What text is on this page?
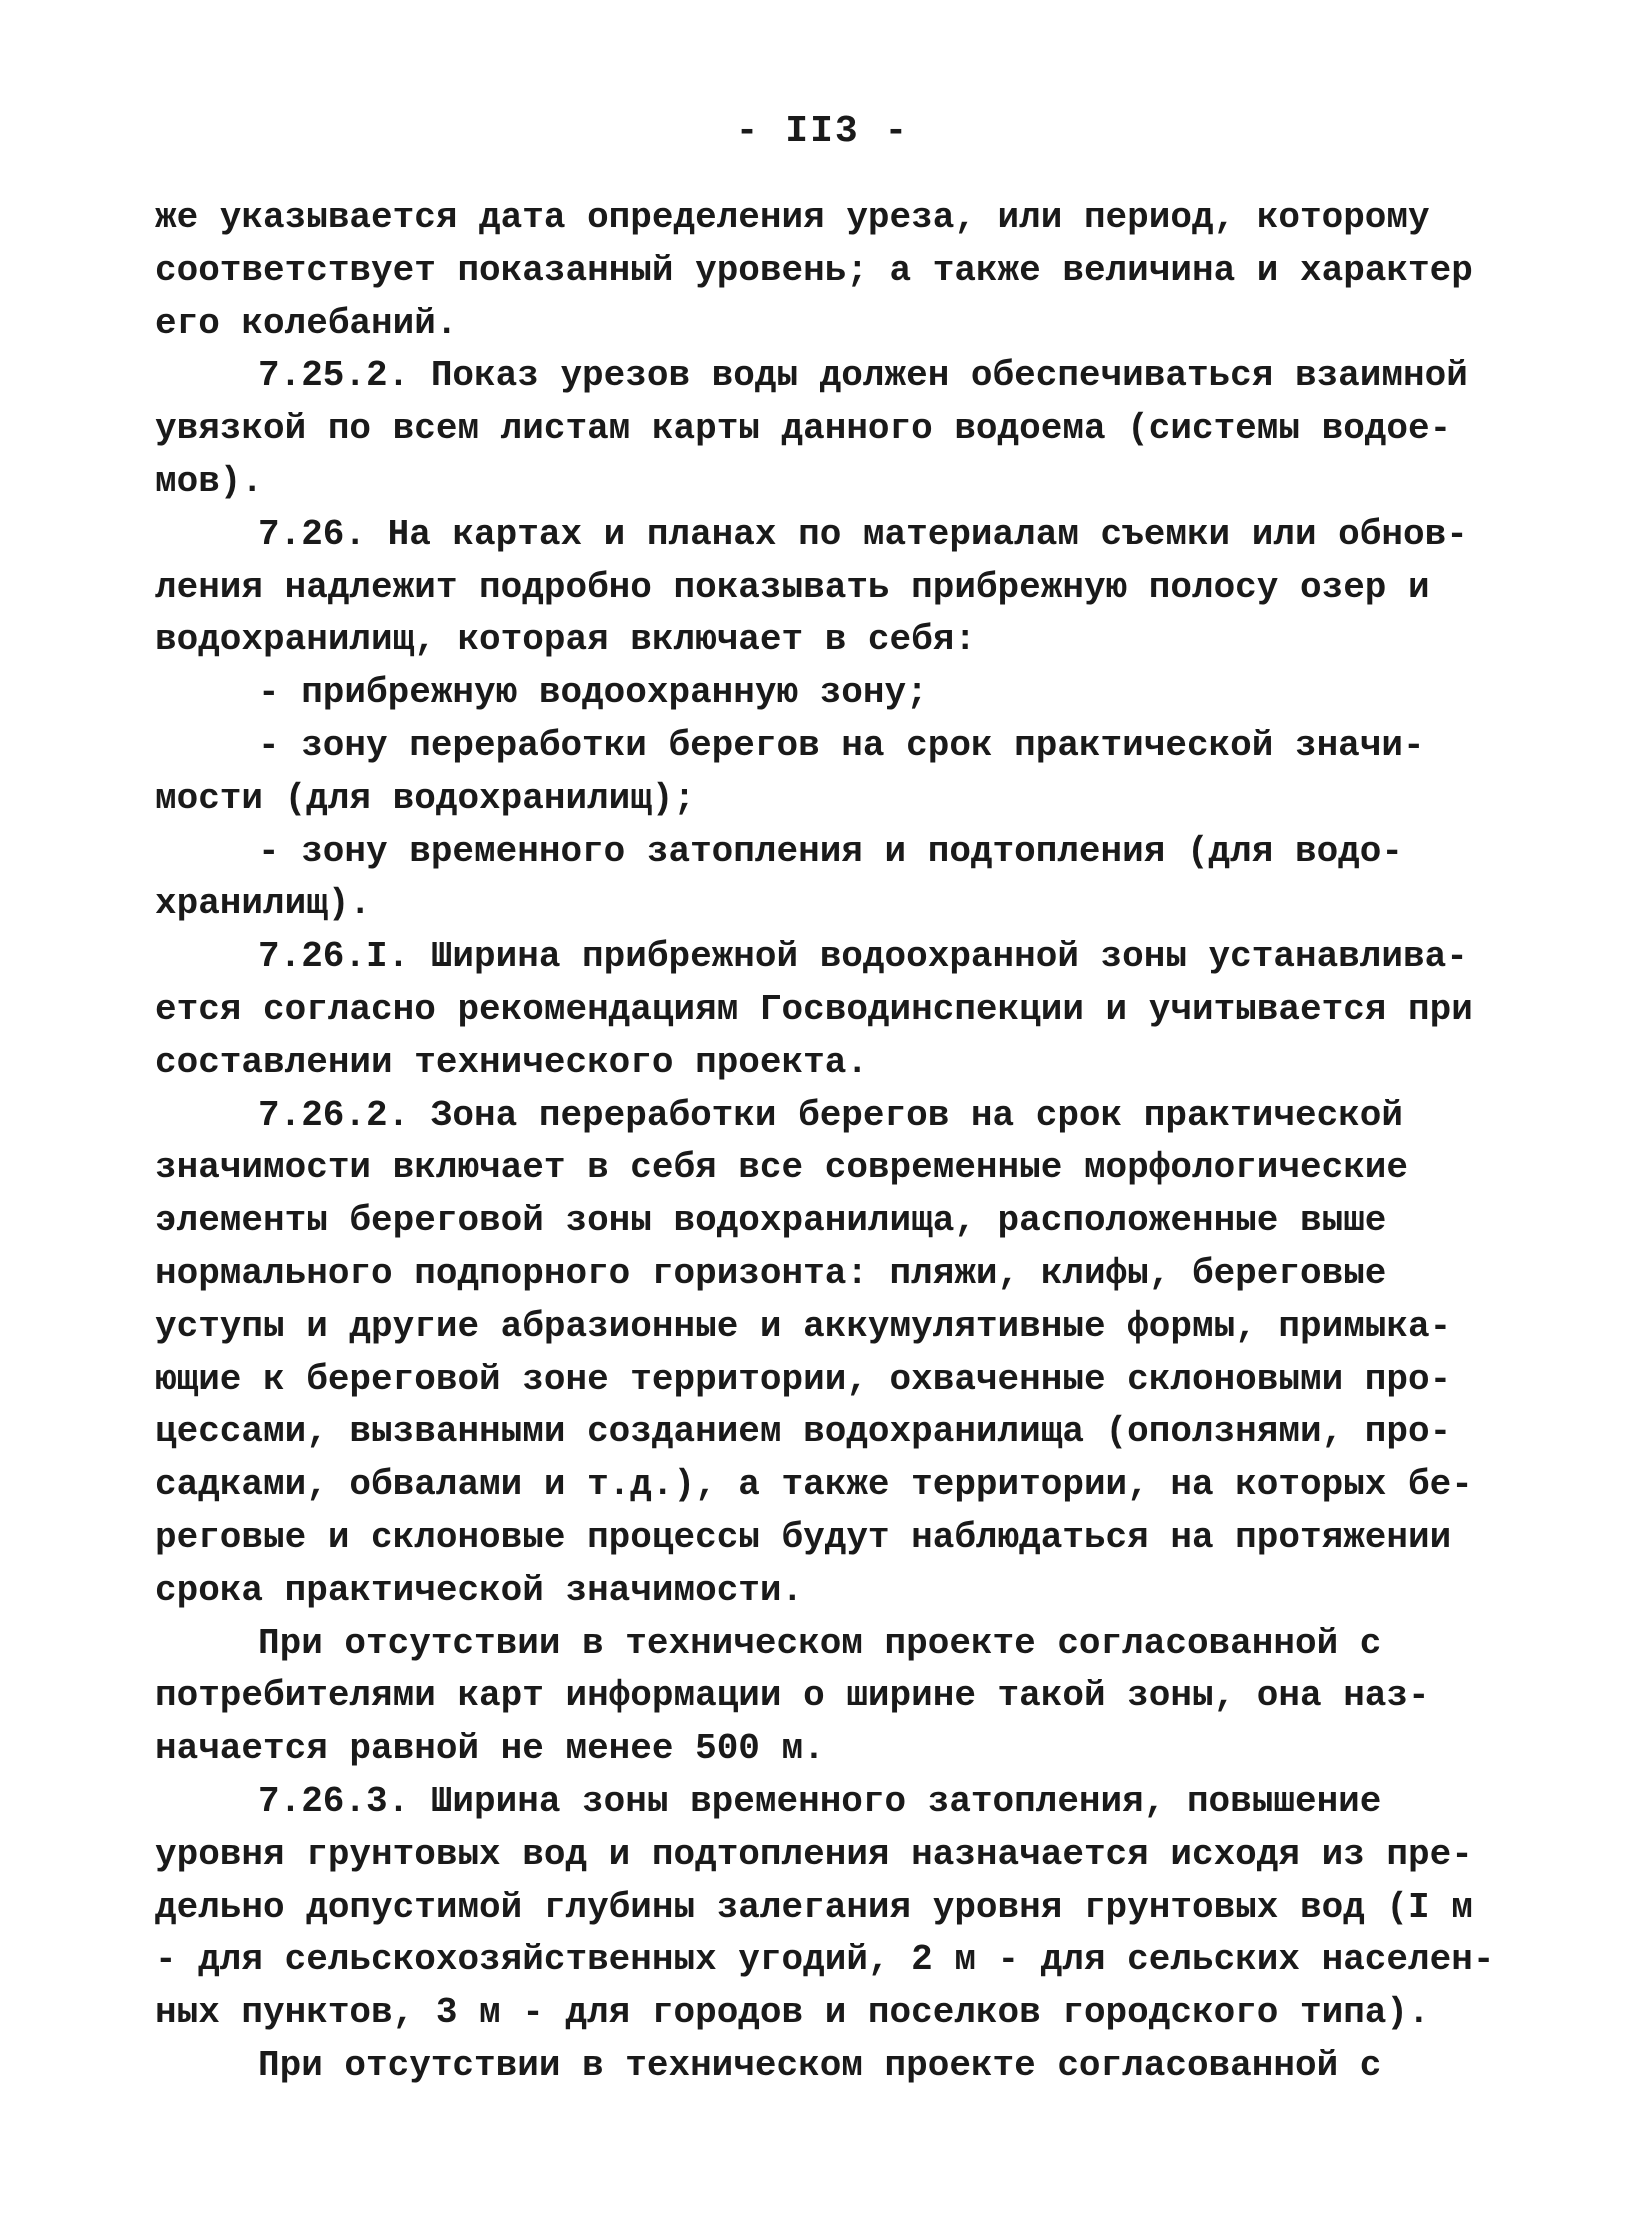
- II3 -
же указывается дата определения уреза, или период, которому
соответствует показанный уровень; а также величина и характер
его колебаний.
7.25.2. Показ урезов воды должен обеспечиваться взаимной
увязкой по всем листам карты данного водоема (системы водое-
мов).
7.26. На картах и планах по материалам съемки или обнов-
ления надлежит подробно показывать прибрежную полосу озер и
водохранилищ, которая включает в себя:
- прибрежную водоохранную зону;
- зону переработки берегов на срок практической значи-
мости (для водохранилищ);
- зону временного затопления и подтопления (для водо-
хранилищ).
7.26.I. Ширина прибрежной водоохранной зоны устанавлива-
ется согласно рекомендациям Госводинспекции и учитывается при
составлении технического проекта.
7.26.2. Зона переработки берегов на срок практической
значимости включает в себя все современные морфологические
элементы береговой зоны водохранилища, расположенные выше
нормального подпорного горизонта: пляжи, клифы, береговые
уступы и другие абразионные и аккумулятивные формы, примыка-
ющие к береговой зоне территории, охваченные склоновыми про-
цессами, вызванными созданием водохранилища (оползнями, про-
садками, обвалами и т.д.), а также территории, на которых бе-
реговые и склоновые процессы будут наблюдаться на протяжении
срока практической значимости.
При отсутствии в техническом проекте согласованной с
потребителями карт информации о ширине такой зоны, она наз-
начается равной не менее 500 м.
7.26.3. Ширина зоны временного затопления, повышение
уровня грунтовых вод и подтопления назначается исходя из пре-
дельно допустимой глубины залегания уровня грунтовых вод (I м
- для сельскохозяйственных угодий, 2 м - для сельских населен-
ных пунктов, 3 м - для городов и поселков городского типа).
При отсутствии в техническом проекте согласованной с
